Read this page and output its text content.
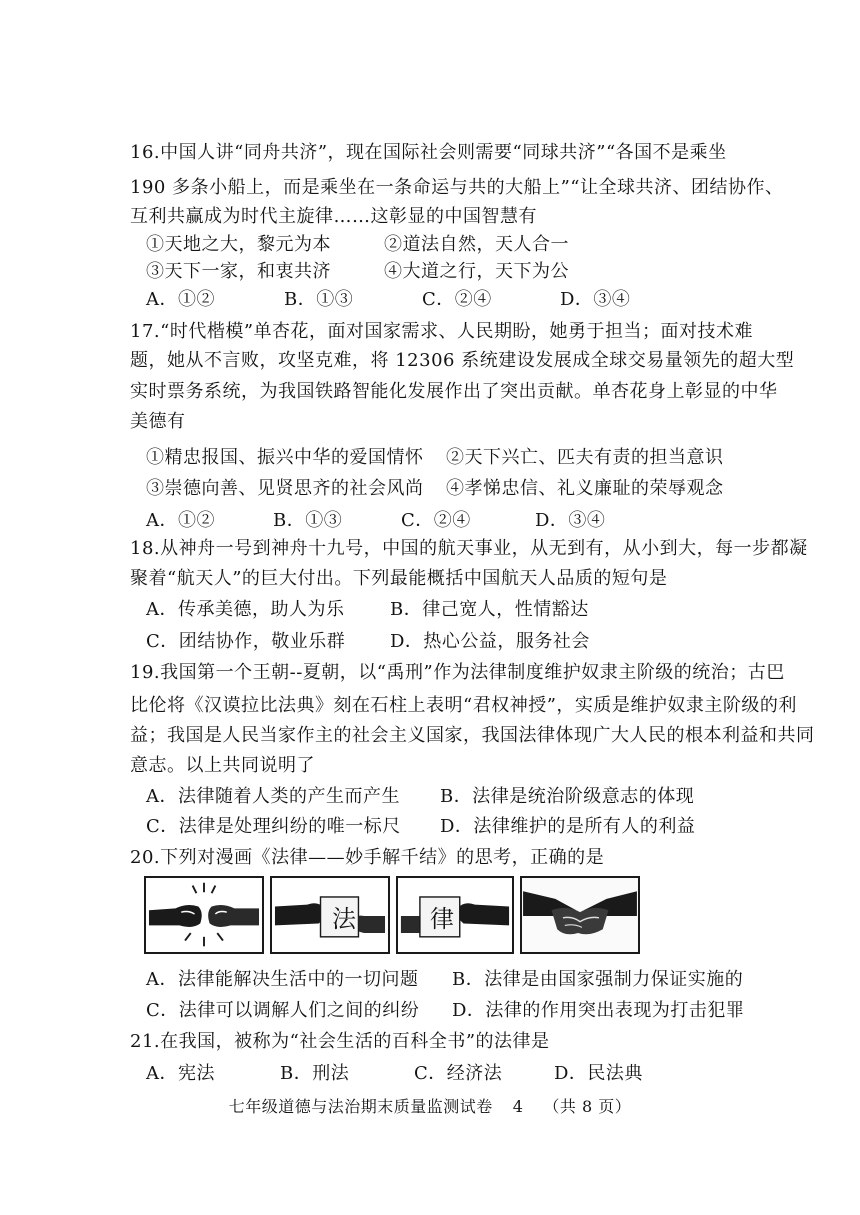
16.中国人讲“同舟共济”，现在国际社会则需要“同球共济”“各国不是乘坐
190 多条小船上，而是乘坐在一条命运与共的大船上”“让全球共济、团结协作、
互利共赢成为时代主旋律……这彰显的中国智慧有
①天地之大，黎元为本	②道法自然，天人合一
③天下一家，和衷共济	④大道之行，天下为公
A．①②	B．①③	C．②④	D．③④
17.“时代楷模”单杏花，面对国家需求、人民期盼，她勇于担当；面对技术难
题，她从不言败，攻坚克难，将 12306 系统建设发展成全球交易量领先的超大型
实时票务系统，为我国铁路智能化发展作出了突出贡献。单杏花身上彰显的中华
美德有
①精忠报国、振兴中华的爱国情怀 ②天下兴亡、匹夫有责的担当意识
③崇德向善、见贤思齐的社会风尚 ④孝悌忠信、礼义廉耻的荣辱观念
A．①②	B．①③	C．②④	D．③④
18.从神舟一号到神舟十九号，中国的航天事业，从无到有，从小到大，每一步都凝
聚着“航天人”的巨大付出。下列最能概括中国航天人品质的短句是
A．传承美德，助人为乐	B．律己宽人，性情豁达
C．团结协作，敬业乐群 D．热心公益，服务社会
19.我国第一个王朝--夏朝，以“禹刑”作为法律制度维护奴隶主阶级的统治；古巴
比伦将《汉谟拉比法典》刻在石柱上表明“君权神授”，实质是维护奴隶主阶级的利
益；我国是人民当家作主的社会主义国家，我国法律体现广大人民的根本利益和共同
意志。以上共同说明了
A．法律随着人类的产生而产生 B．法律是统治阶级意志的体现
C．法律是处理纠纷的唯一标尺 D．法律维护的是所有人的利益
20.下列对漫画《法律——妙手解千结》的思考，正确的是
法	律
A．法律能解决生活中的一切问题 B．法律是由国家强制力保证实施的
C．法律可以调解人们之间的纠纷 D．法律的作用突出表现为打击犯罪
21.在我国，被称为“社会生活的百科全书”的法律是
A．宪法	B．刑法	C．经济法	D．民法典
七年级道德与法治期末质量监测试卷 4 （共 8 页）
